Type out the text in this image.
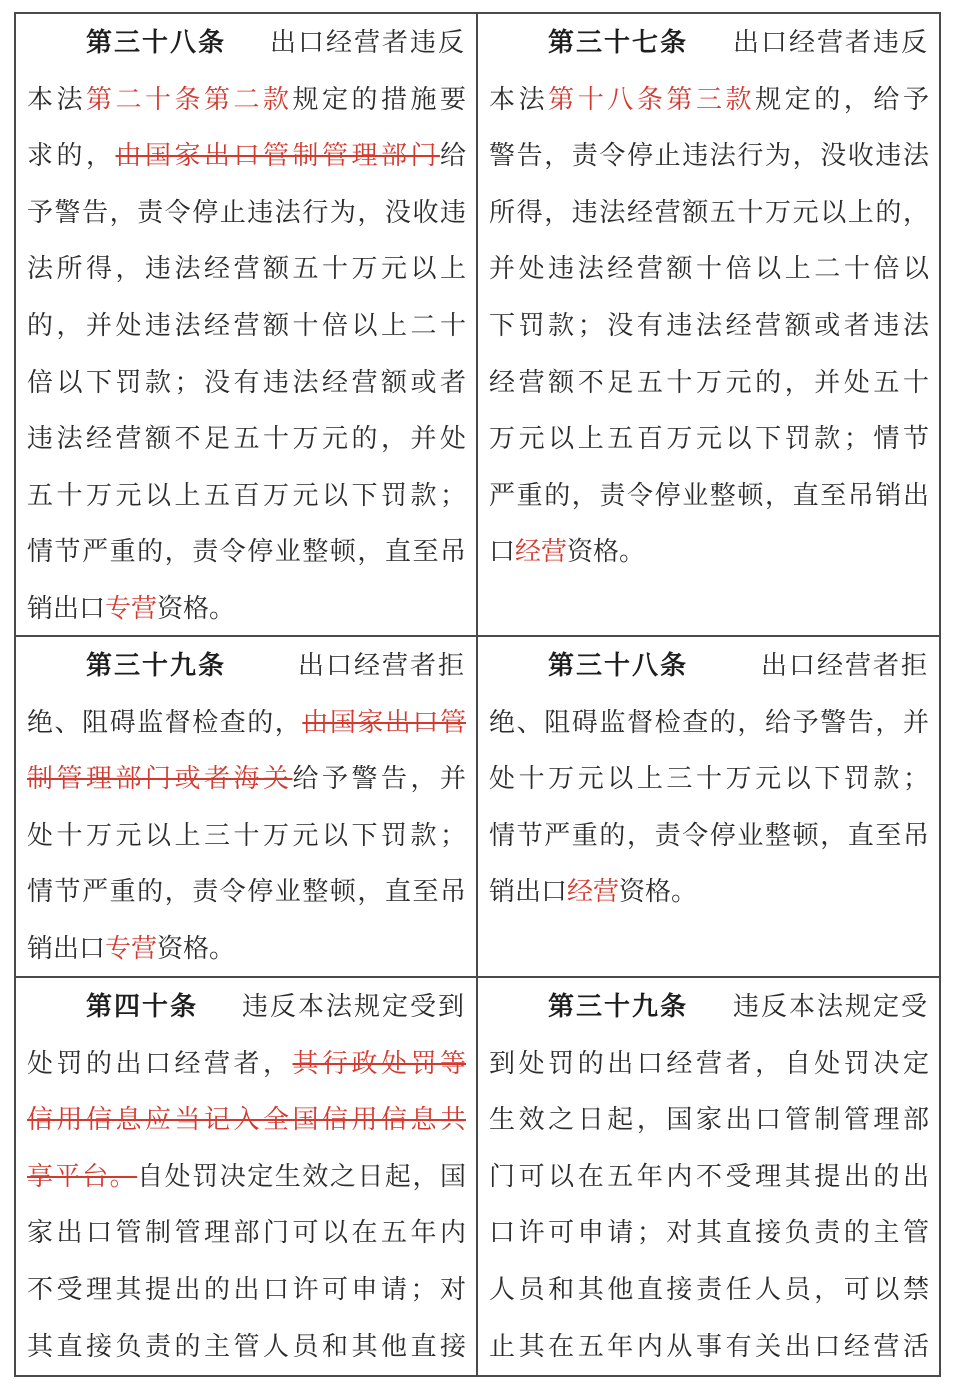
第三十八条 出口经营者违反
本法第二十条第二款规定的措施要
求的，由国家出口管制管理部门给
予警告，责令停止违法行为，没收违
法所得，违法经营额五十万元以上
的，并处违法经营额十倍以上二十
倍以下罚款；没有违法经营额或者
违法经营额不足五十万元的，并处
五十万元以上五百万元以下罚款；
情节严重的，责令停业整顿，直至吊
销出口专营资格。
第三十七条 出口经营者违反
本法第十八条第三款规定的，给予
警告，责令停止违法行为，没收违法
所得，违法经营额五十万元以上的，
并处违法经营额十倍以上二十倍以
下罚款；没有违法经营额或者违法
经营额不足五十万元的，并处五十
万元以上五百万元以下罚款；情节
严重的，责令停业整顿，直至吊销出
口经营资格。
第三十九条	出口经营者拒
绝、阻碍监督检查的，由国家出口管
制管理部门或者海关给予警告，并
处十万元以上三十万元以下罚款；
情节严重的，责令停业整顿，直至吊
销出口专营资格。
第三十八条	出口经营者拒
绝、阻碍监督检查的，给予警告，并
处十万元以上三十万元以下罚款；
情节严重的，责令停业整顿，直至吊
销出口经营资格。
第四十条 违反本法规定受到
处罚的出口经营者，其行政处罚等
信用信息应当记入全国信用信息共
享平台。自处罚决定生效之日起，国
家出口管制管理部门可以在五年内
不受理其提出的出口许可申请；对
其直接负责的主管人员和其他直接
第三十九条 违反本法规定受
到处罚的出口经营者，自处罚决定
生效之日起，国家出口管制管理部
门可以在五年内不受理其提出的出
口许可申请；对其直接负责的主管
人员和其他直接责任人员，可以禁
止其在五年内从事有关出口经营活
